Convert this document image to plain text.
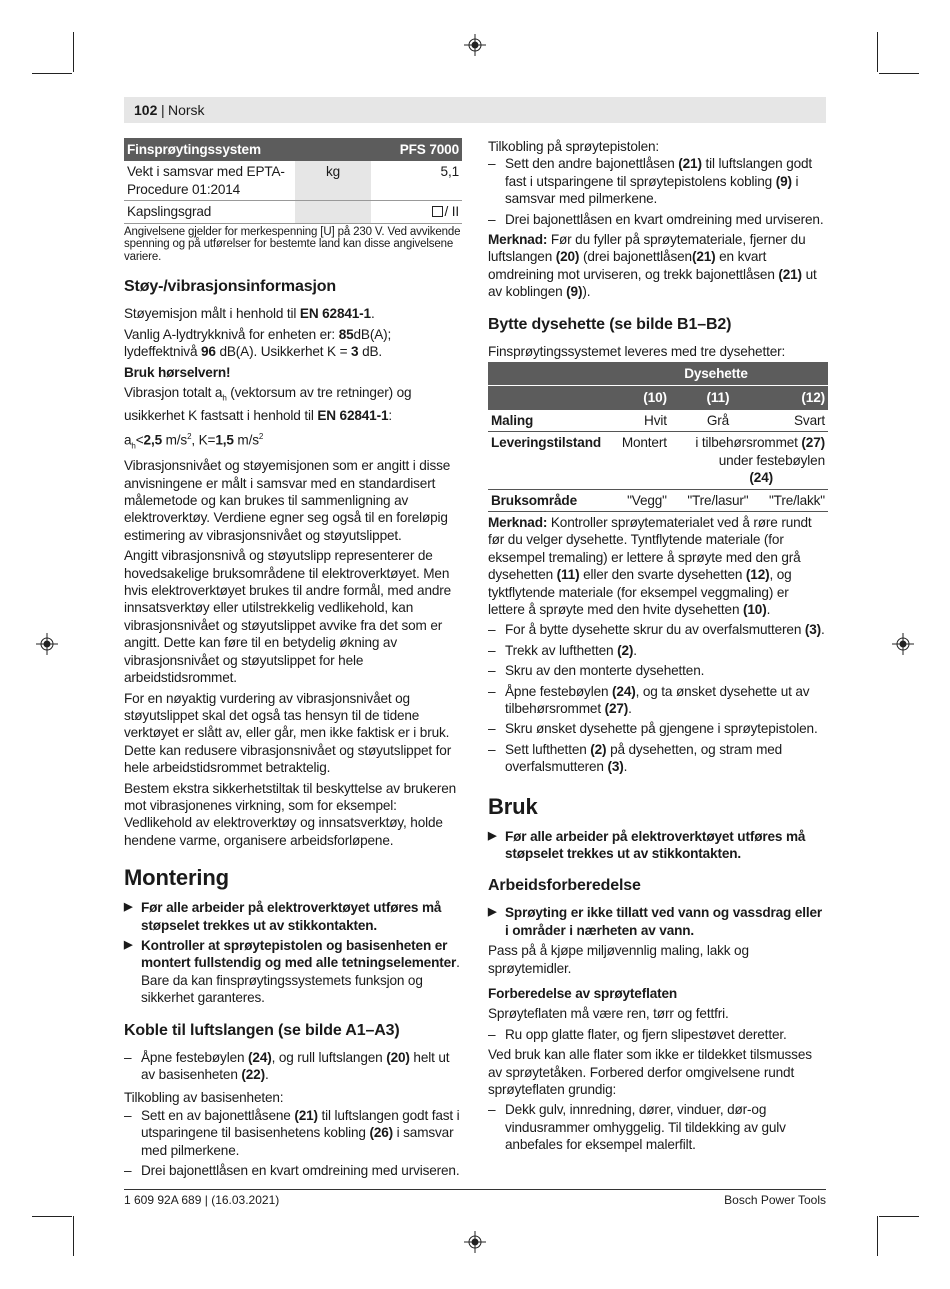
102 | Norsk
Finsprøytingssystem		PFS 7000
Vekt i samsvar med EPTA-Procedure 01:2014	kg	5,1
Kapslingsgrad		/ II

Angivelsene gjelder for merkespenning [U] på 230 V. Ved avvikende spenning og på utførelser for bestemte land kan disse angivelsene variere.

Støy-/vibrasjonsinformasjon

Støyemisjon målt i henhold til EN 62841-1.

Vanlig A-lydtrykknivå for enheten er: 85dB(A); lydeffektnivå 96 dB(A). Usikkerhet K = 3 dB.

Bruk hørselvern!

Vibrasjon totalt $a_h$ (vektorsum av tre retninger) og usikkerhet K fastsatt i henhold til EN 62841-1:

$a_h<2,5$ $m/s^2$, K=1,5 $m/s^2$

Vibrasjonsnivået og støyemisjonen som er angitt i disse anvisningene er målt i samsvar med en standardisert målemetode og kan brukes til sammenligning av elektroverktøy. Verdiene egner seg også til en foreløpig estimering av vibrasjonsnivået og støyutslippet.

Angitt vibrasjonsnivå og støyutslipp representerer de hovedsakelige bruksområdene til elektroverktøyet. Men hvis elektroverktøyet brukes til andre formål, med andre innsatsverktøy eller utilstrekkelig vedlikehold, kan vibrasjonsnivået og støyutslippet avvike fra det som er angitt. Dette kan føre til en betydelig økning av vibrasjonsnivået og støyutslippet for hele arbeidstidsrommet.

For en nøyaktig vurdering av vibrasjonsnivået og støyutslippet skal det også tas hensyn til de tidene verktøyet er slått av, eller går, men ikke faktisk er i bruk. Dette kan redusere vibrasjonsnivået og støyutslippet for hele arbeidstidsrommet betraktelig.

Bestem ekstra sikkerhetstiltak til beskyttelse av brukeren mot vibrasjonenes virkning, som for eksempel: Vedlikehold av elektroverktøy og innsatsverktøy, holde hendene varme, organisere arbeidsforløpene.

Montering
▶ Før alle arbeider på elektroverktøyet utføres må støpselet trekkes ut av stikkontakten.
▶ Kontroller at sprøytepistolen og basisenheten er montert fullstendig og med alle tetningselementer. Bare da kan finsprøytingssystemets funksjon og sikkerhet garanteres.
Koble til luftslangen (se bilde A1–A3)
– Åpne festebøylen (24), og rull luftslangen (20) helt ut av basisenheten (22).

Tilkobling av basisenheten:

– Sett en av bajonettlåsene (21) til luftslangen godt fast i utsparingene til basisenhetens kobling (26) i samsvar med pilmerkene.
– Drei bajonettlåsen en kvart omdreining med urviseren.

Tilkobling på sprøytepistolen:

– Sett den andre bajonettlåsen (21) til luftslangen godt fast i utsparingene til sprøytepistolens kobling (9) i samsvar med pilmerkene.
– Drei bajonettlåsen en kvart omdreining med urviseren.

Merknad: Før du fyller på sprøytemateriale, fjerner du luftslangen (20) (drei bajonettlåsen(21) en kvart omdreining mot urviseren, og trekk bajonettlåsen (21) ut av koblingen (9)).

Bytte dysehette (se bilde B1–B2)

Finsprøytingssystemet leveres med tre dysehetter:

	Dysehette		
	(10)	(11)	(12)
Maling	Hvit	Grå	Svart
Leveringstilstand	Montert	i tilbehørsrommet (27)
under festebøylen
(24)	
Bruksområde	"Vegg"	"Tre/lasur"	"Tre/lakk"

Merknad: Kontroller sprøytematerialet ved å røre rundt før du velger dysehette. Tyntflytende materiale (for eksempel tremaling) er lettere å sprøyte med den grå dysehetten (11) eller den svarte dysehetten (12), og tyktflytende materiale (for eksempel veggmaling) er lettere å sprøyte med den hvite dysehetten (10).

– For å bytte dysehette skrur du av overfalsmutteren (3).
– Trekk av lufthetten (2).
– Skru av den monterte dysehetten.
– Åpne festebøylen (24), og ta ønsket dysehette ut av tilbehørsrommet (27).
– Skru ønsket dysehette på gjengene i sprøytepistolen.
– Sett lufthetten (2) på dysehetten, og stram med overfalsmutteren (3).
Bruk
▶ Før alle arbeider på elektroverktøyet utføres må støpselet trekkes ut av stikkontakten.
Arbeidsforberedelse
▶ Sprøyting er ikke tillatt ved vann og vassdrag eller i områder i nærheten av vann.

Pass på å kjøpe miljøvennlig maling, lakk og sprøytemidler.

Forberedelse av sprøyteflaten

Sprøyteflaten må være ren, tørr og fettfri.

– Ru opp glatte flater, og fjern slipestøvet deretter.

Ved bruk kan alle flater som ikke er tildekket tilsmusses av sprøytetåken. Forbered derfor omgivelsene rundt sprøyteflaten grundig:

– Dekk gulv, innredning, dører, vinduer, dør-og vindusrammer omhyggelig. Til tildekking av gulv anbefales for eksempel malerfilt.
1 609 92A 689 | (16.03.2021)	Bosch Power Tools
